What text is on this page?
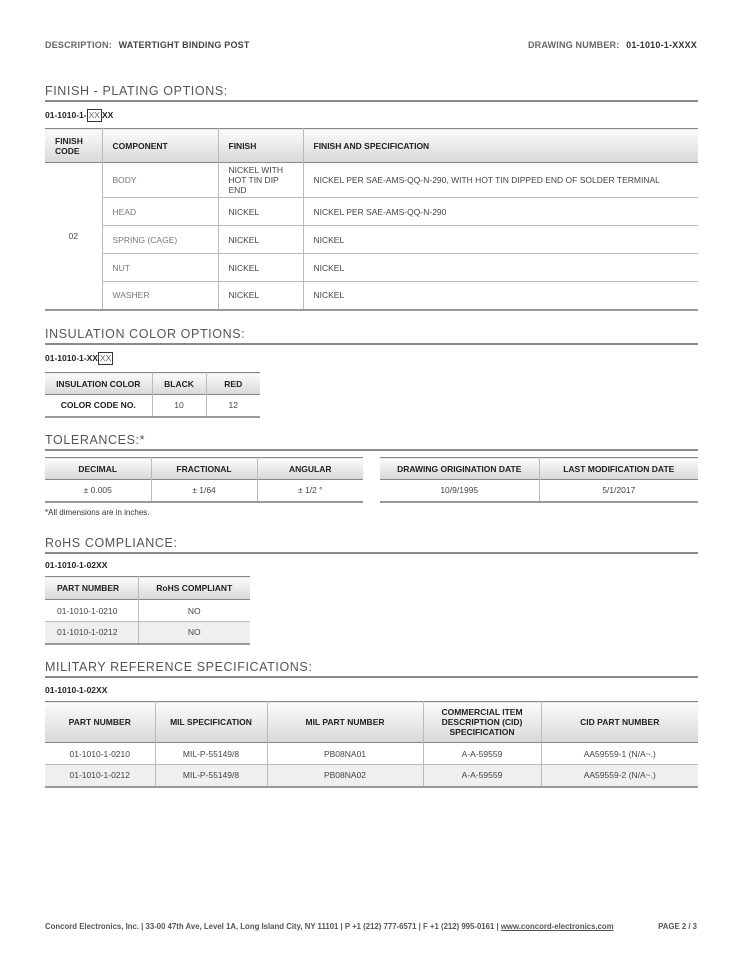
DESCRIPTION: WATERTIGHT BINDING POST	DRAWING NUMBER: 01-1010-1-XXXX
FINISH - PLATING OPTIONS:
01-1010-1- XX XX
FINISH CODE	COMPONENT	FINISH	FINISH AND SPECIFICATION
02	BODY	NICKEL WITH HOT TIN DIP END	NICKEL PER SAE-AMS-QQ-N-290, WITH HOT TIN DIPPED END OF SOLDER TERMINAL
	HEAD	NICKEL	NICKEL PER SAE-AMS-QQ-N-290
	SPRING (CAGE)	NICKEL	NICKEL
	NUT	NICKEL	NICKEL
	WASHER	NICKEL	NICKEL
INSULATION COLOR OPTIONS:
01-1010-1-XX XX
INSULATION COLOR	BLACK	RED
COLOR CODE NO.	10	12
TOLERANCES:*
DECIMAL	FRACTIONAL	ANGULAR
± 0.005	± 1/64	± 1/2 °
DRAWING ORIGINATION DATE	LAST MODIFICATION DATE
10/9/1995	5/1/2017
*All dimensions are in inches.
RoHS COMPLIANCE:
01-1010-1-02XX
PART NUMBER	RoHS COMPLIANT
01-1010-1-0210	NO
01-1010-1-0212	NO
MILITARY REFERENCE SPECIFICATIONS:
01-1010-1-02XX
PART NUMBER	MIL SPECIFICATION	MIL PART NUMBER	COMMERCIAL ITEM DESCRIPTION (CID) SPECIFICATION	CID PART NUMBER
01-1010-1-0210	MIL-P-55149/8	PB08NA01	A-A-59559	AA59559-1 (N/A~.)
01-1010-1-0212	MIL-P-55149/8	PB08NA02	A-A-59559	AA59559-2 (N/A~.)
Concord Electronics, Inc. | 33-00 47th Ave, Level 1A, Long Island City, NY 11101 | P +1 (212) 777-6571 | F +1 (212) 995-0161 | www.concord-electronics.com	PAGE 2 / 3
